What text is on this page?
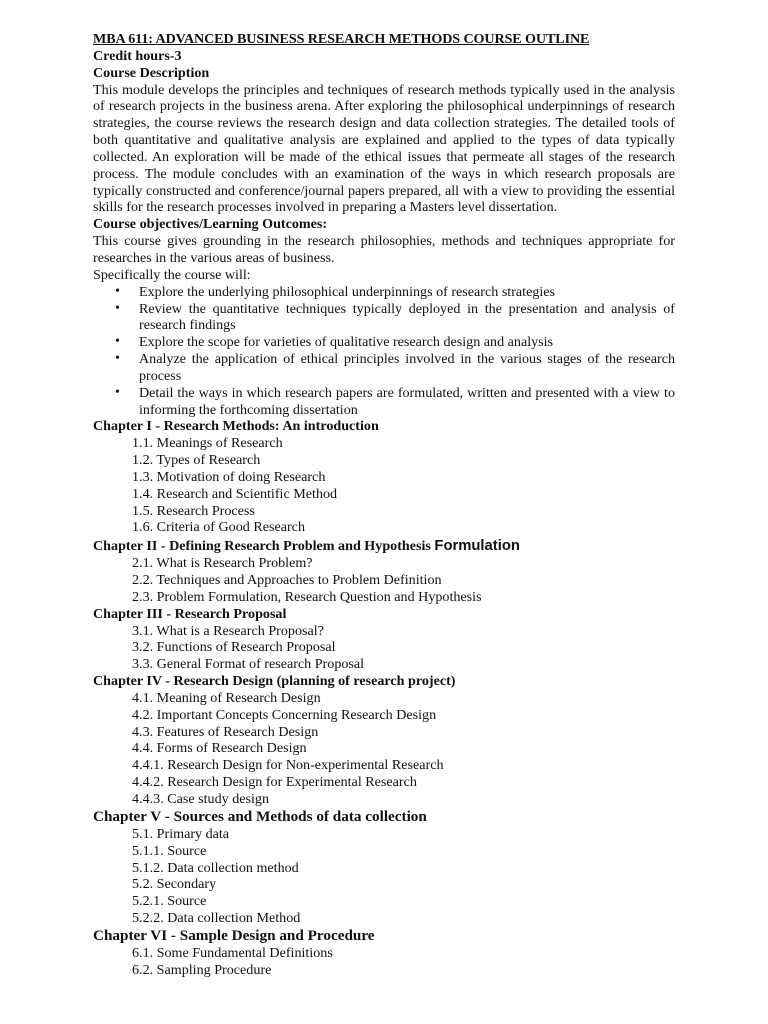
MBA 611: ADVANCED BUSINESS RESEARCH METHODS COURSE OUTLINE
Credit hours-3
Course Description

This module develops the principles and techniques of research methods typically used in the analysis of research projects in the business arena. After exploring the philosophical underpinnings of research strategies, the course reviews the research design and data collection strategies. The detailed tools of both quantitative and qualitative analysis are explained and applied to the types of data typically collected. An exploration will be made of the ethical issues that permeate all stages of the research process. The module concludes with an examination of the ways in which research proposals are typically constructed and conference/journal papers prepared, all with a view to providing the essential skills for the research processes involved in preparing a Masters level dissertation.

Course objectives/Learning Outcomes:

This course gives grounding in the research philosophies, methods and techniques appropriate for researches in the various areas of business.

Specifically the course will:

• Explore the underlying philosophical underpinnings of research strategies
• Review the quantitative techniques typically deployed in the presentation and analysis of research findings
• Explore the scope for varieties of qualitative research design and analysis
• Analyze the application of ethical principles involved in the various stages of the research process
• Detail the ways in which research papers are formulated, written and presented with a view to informing the forthcoming dissertation
Chapter I - Research Methods: An introduction
1.1. Meanings of Research
1.2. Types of Research
1.3. Motivation of doing Research
1.4. Research and Scientific Method
1.5. Research Process
1.6. Criteria of Good Research
Chapter II - Defining Research Problem and Hypothesis Formulation
2.1. What is Research Problem?
2.2. Techniques and Approaches to Problem Definition
2.3. Problem Formulation, Research Question and Hypothesis
Chapter III - Research Proposal
3.1. What is a Research Proposal?
3.2. Functions of Research Proposal
3.3. General Format of research Proposal
Chapter IV - Research Design (planning of research project)
4.1. Meaning of Research Design
4.2. Important Concepts Concerning Research Design
4.3. Features of Research Design
4.4. Forms of Research Design
4.4.1. Research Design for Non-experimental Research
4.4.2. Research Design for Experimental Research
4.4.3. Case study design
Chapter V - Sources and Methods of data collection
5.1. Primary data
5.1.1. Source
5.1.2. Data collection method
5.2. Secondary
5.2.1. Source
5.2.2. Data collection Method
Chapter VI - Sample Design and Procedure
6.1. Some Fundamental Definitions
6.2. Sampling Procedure
